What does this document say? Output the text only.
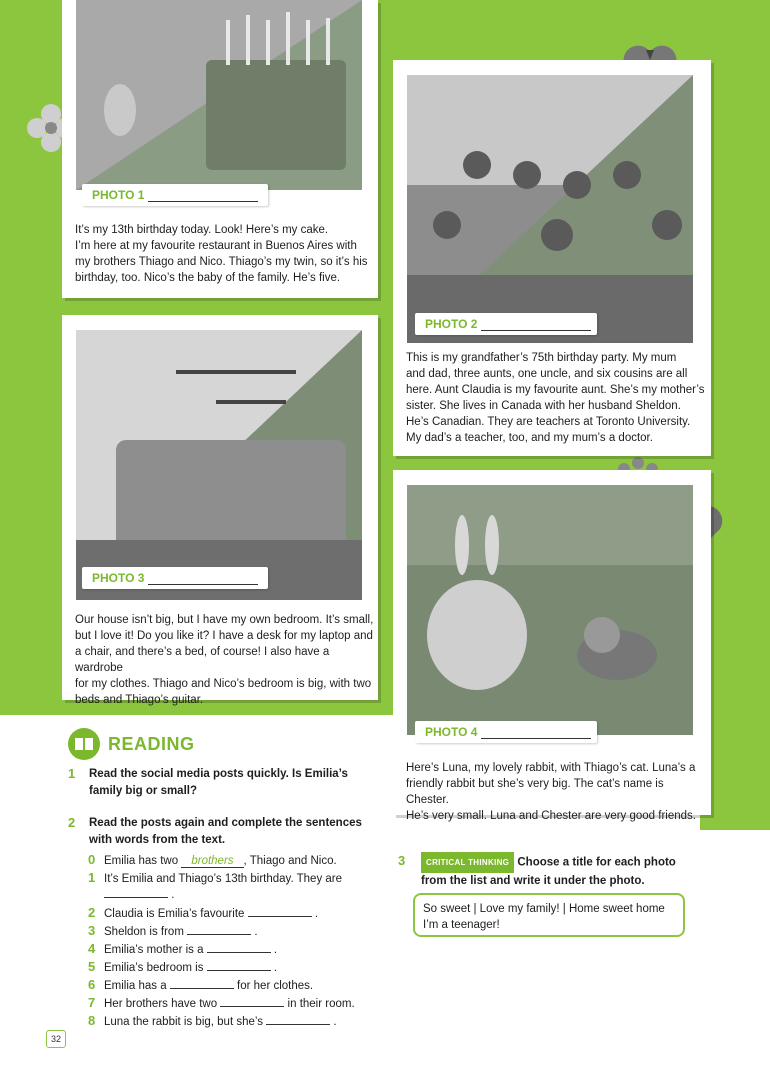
PHOTO 1
It’s my 13th birthday today. Look! Here’s my cake.
I’m here at my favourite restaurant in Buenos Aires with
my brothers Thiago and Nico. Thiago’s my twin, so it’s his
birthday, too. Nico’s the baby of the family. He’s five.
PHOTO 2
This is my grandfather’s 75th birthday party. My mum
and dad, three aunts, one uncle, and six cousins are all
here. Aunt Claudia is my favourite aunt. She’s my mother’s
sister. She lives in Canada with her husband Sheldon.
He’s Canadian. They are teachers at Toronto University.
My dad’s a teacher, too, and my mum’s a doctor.
PHOTO 3
Our house isn’t big, but I have my own bedroom. It’s small,
but I love it! Do you like it? I have a desk for my laptop and
a chair, and there’s a bed, of course! I also have a wardrobe
for my clothes. Thiago and Nico’s bedroom is big, with two
beds and Thiago’s guitar.
PHOTO 4
Here’s Luna, my lovely rabbit, with Thiago’s cat. Luna’s a
friendly rabbit but she’s very big. The cat’s name is Chester.
He’s very small. Luna and Chester are very good friends.
READING
1 Read the social media posts quickly. Is Emilia’s
family big or small?
2 Read the posts again and complete the sentences
with words from the text.
0 Emilia has two brothers , Thiago and Nico.
1 It’s Emilia and Thiago’s 13th birthday. They are
.
2 Claudia is Emilia’s favourite	.
3 Sheldon is from	.
4 Emilia’s mother is a	.
5 Emilia’s bedroom is	.
6 Emilia has a	for her clothes.
7 Her brothers have two	in their room.
8 Luna the rabbit is big, but she’s	.
3	CRITICAL THINKING Choose a title for each photo
from the list and write it under the photo.
So sweet | Love my family! | Home sweet home
I’m a teenager!
32
